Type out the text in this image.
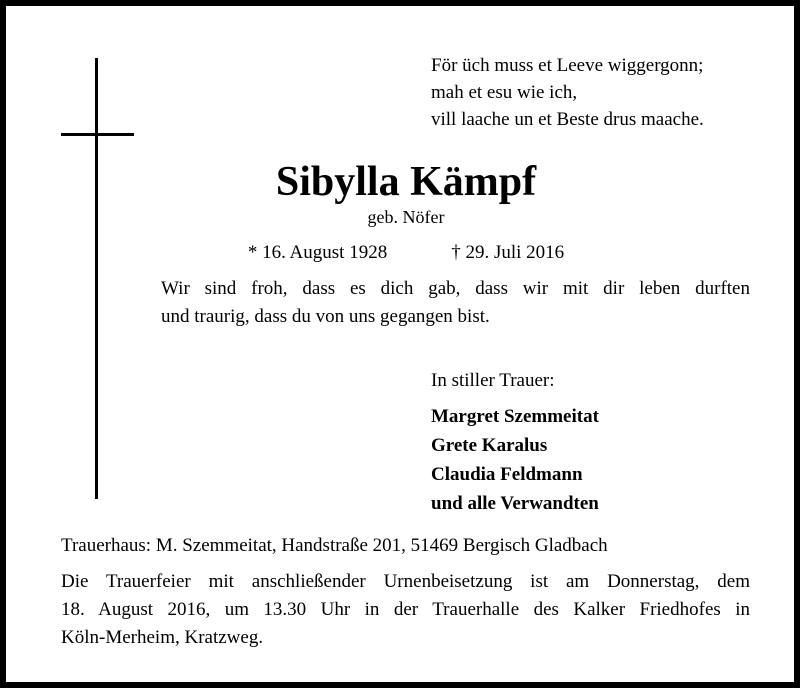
För üch muss et Leeve wiggergonn;
mah et esu wie ich,
vill laache un et Beste drus maache.
Sibylla Kämpf
geb. Nöfer
* 16. August 1928	† 29. Juli 2016
Wir sind froh, dass es dich gab, dass wir mit dir leben durften
und traurig, dass du von uns gegangen bist.
In stiller Trauer:
Margret Szemmeitat
Grete Karalus
Claudia Feldmann
und alle Verwandten
Trauerhaus: M. Szemmeitat, Handstraße 201, 51469 Bergisch Gladbach
Die Trauerfeier mit anschließender Urnenbeisetzung ist am Donnerstag, dem
18. August 2016, um 13.30 Uhr in der Trauerhalle des Kalker Friedhofes in
Köln-Merheim, Kratzweg.
